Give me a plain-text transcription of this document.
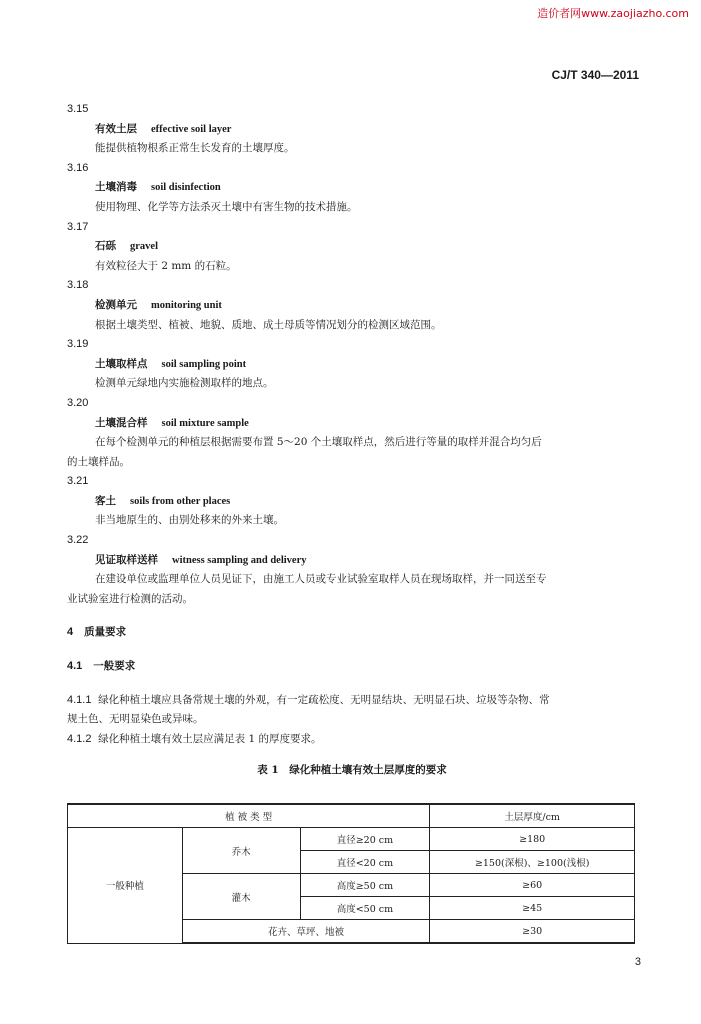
造价者网www.zaojiazho.com
CJ/T 340—2011
3.15
有效土层 effective soil layer
能提供植物根系正常生长发育的土壤厚度。
3.16
土壤消毒 soil disinfection
使用物理、化学等方法杀灭土壤中有害生物的技术措施。
3.17
石砾 gravel
有效粒径大于 2 mm 的石粒。
3.18
检测单元 monitoring unit
根据土壤类型、植被、地貌、质地、成土母质等情况划分的检测区域范围。
3.19
土壤取样点 soil sampling point
检测单元绿地内实施检测取样的地点。
3.20
土壤混合样 soil mixture sample
在每个检测单元的种植层根据需要布置 5～20 个土壤取样点，然后进行等量的取样并混合均匀后
的土壤样品。
3.21
客土 soils from other places
非当地原生的、由别处移来的外来土壤。
3.22
见证取样送样 witness sampling and delivery
在建设单位或监理单位人员见证下，由施工人员或专业试验室取样人员在现场取样，并一同送至专
业试验室进行检测的活动。
4 质量要求
4.1 一般要求
4.1.1 绿化种植土壤应具备常规土壤的外观，有一定疏松度、无明显结块、无明显石块、垃圾等杂物、常
规土色、无明显染色或异味。
4.1.2 绿化种植土壤有效土层应满足表 1 的厚度要求。
表 1　绿化种植土壤有效土层厚度的要求
植 被 类 型			土层厚度/cm
一般种植	乔木	直径≥20 cm	≥180
		直径<20 cm	≥150(深根)、≥100(浅根)
	灌木	高度≥50 cm	≥60
		高度<50 cm	≥45
	花卉、草坪、地被		≥30
3
